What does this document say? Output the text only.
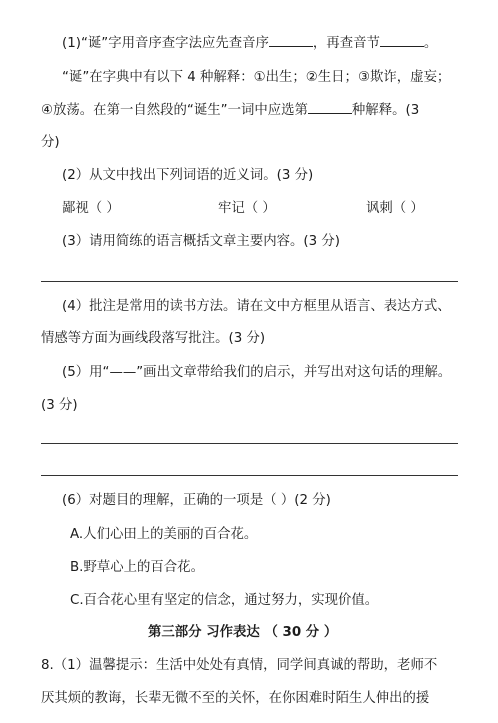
(1)“诞”字用音序查字法应先查音序	，再查音节	。
“诞”在字典中有以下 4 种解释：①出生；②生日；③欺诈，虚妄；
④放荡。在第一自然段的“诞生”一词中应选第	种解释。(3
分)
(2）从文中找出下列词语的近义词。(3 分)
鄙视（ ）	牢记（ ）	讽刺（ ）
(3）请用简练的语言概括文章主要内容。(3 分)
(4）批注是常用的读书方法。请在文中方框里从语言、表达方式、
情感等方面为画线段落写批注。(3 分)
(5）用“——”画出文章带给我们的启示，并写出对这句话的理解。
(3 分)
(6）对题目的理解，正确的一项是（ ）(2 分)
A.人们心田上的美丽的百合花。
B.野草心上的百合花。
C.百合花心里有坚定的信念，通过努力，实现价值。
第三部分 习作表达 （ 30 分 ）
8.（1）温馨提示：生活中处处有真情，同学间真诚的帮助，老师不
厌其烦的教诲，长辈无微不至的关怀，在你困难时陌生人伸出的援
